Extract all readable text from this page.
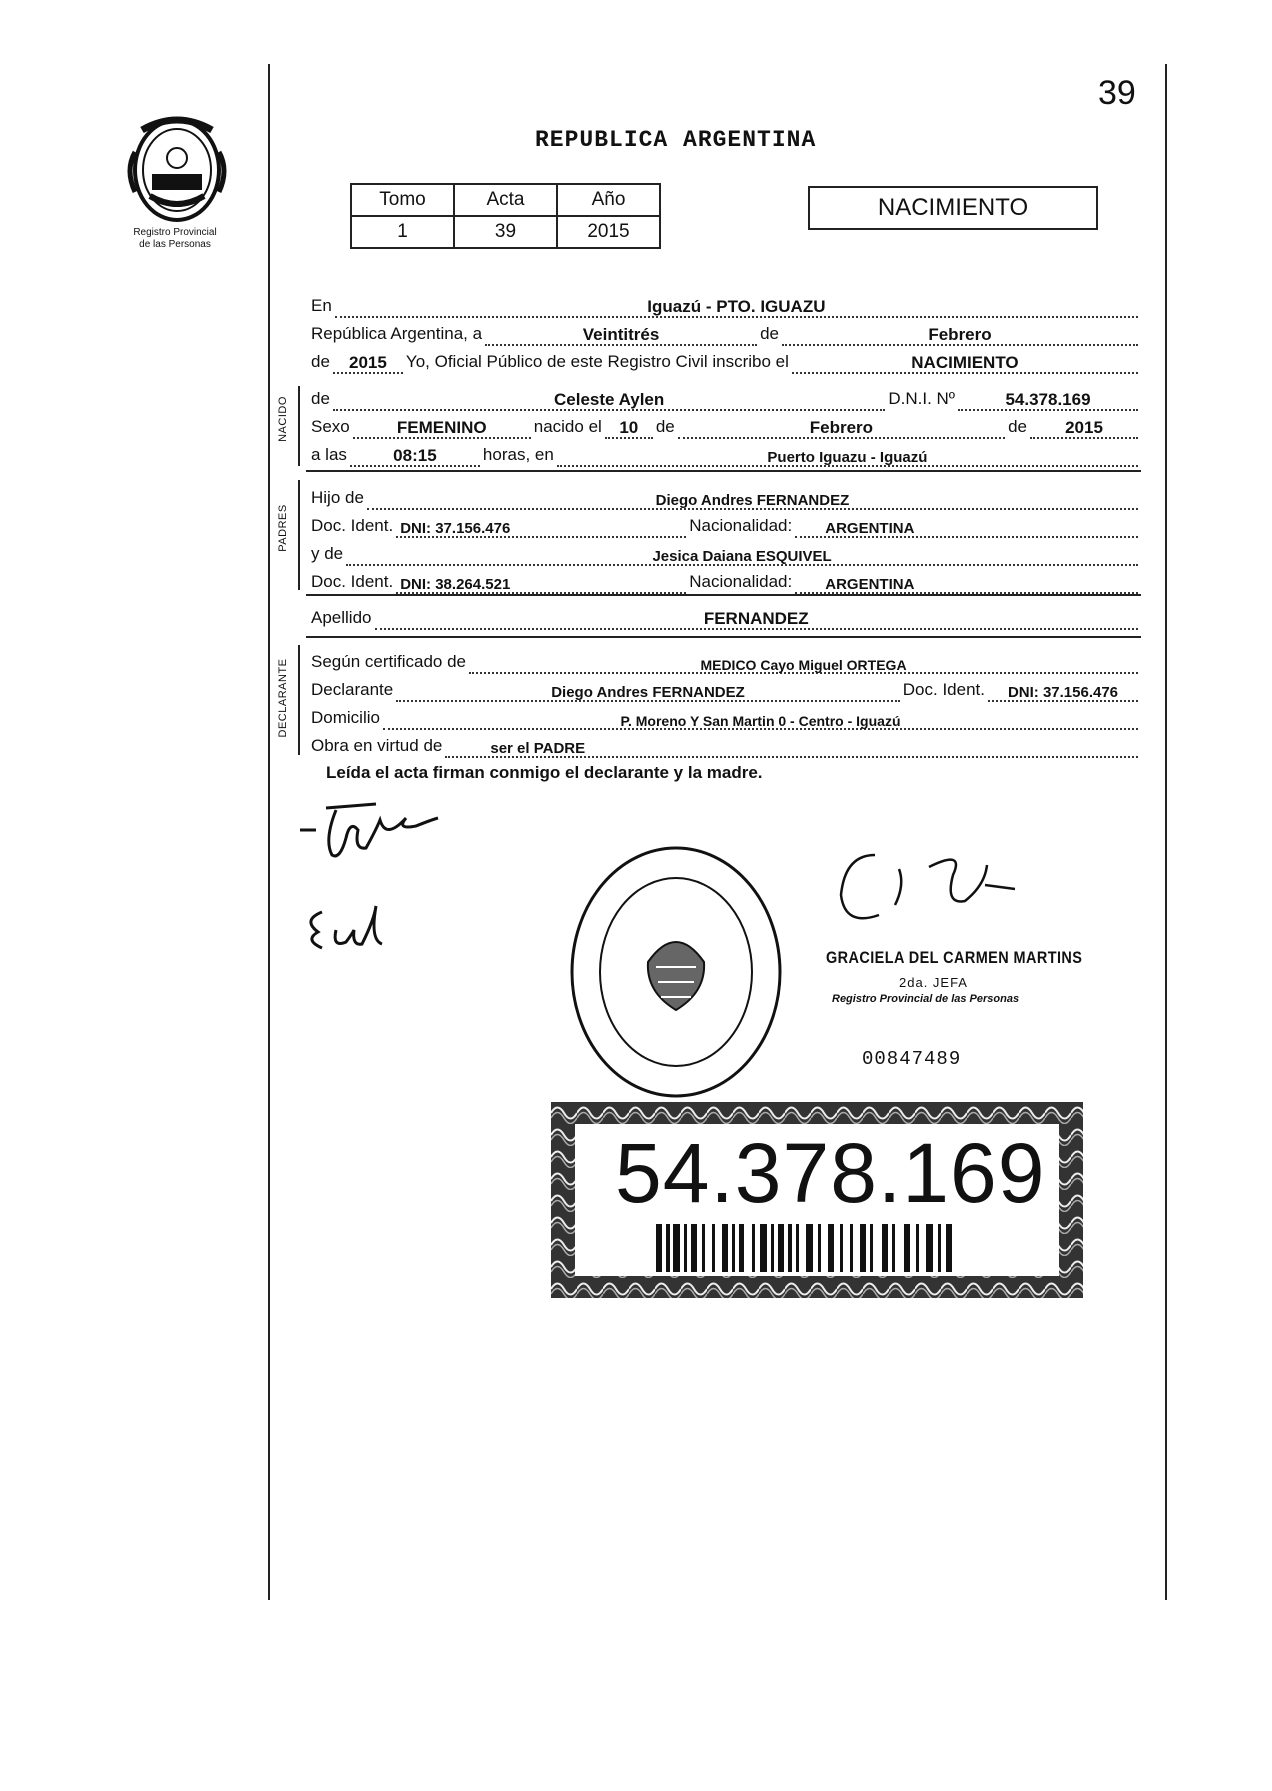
39
Registro Provincial
de las Personas
REPUBLICA ARGENTINA
Tomo	Acta	Año
1	39	2015
NACIMIENTO
En	Iguazú - PTO. IGUAZU
República Argentina, a	Veintitrés	de	Febrero
de	2015	Yo, Oficial Público de este Registro Civil inscribo el	NACIMIENTO
NACIDO de	Celeste Aylen	D.N.I. Nº	54.378.169
Sexo	FEMENINO	nacido el	10	de	Febrero	de	2015
a las	08:15	horas, en	Puerto Iguazu - Iguazú
PADRES
Hijo de	Diego Andres FERNANDEZ
Doc. Ident. DNI: 37.156.476	Nacionalidad:	ARGENTINA
y de	Jesica Daiana ESQUIVEL
Doc. Ident. DNI: 38.264.521	Nacionalidad:	ARGENTINA
Apellido	FERNANDEZ
DECLARANTE Según certificado de	MEDICO Cayo Miguel ORTEGA
Declarante	Diego Andres FERNANDEZ	Doc. Ident.	DNI: 37.156.476
Domicilio	P. Moreno Y San Martin 0 - Centro - Iguazú
Obra en virtud de	ser el PADRE
Leída el acta firman conmigo el declarante y la madre.
GRACIELA DEL CARMEN MARTINS
2da. JEFA
Registro Provincial de las Personas
00847489
54.378.169
